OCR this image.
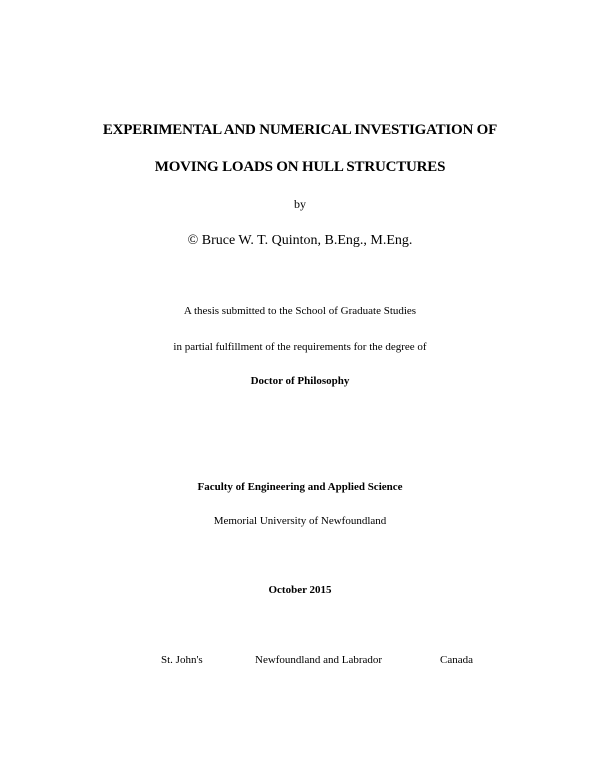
EXPERIMENTAL AND NUMERICAL INVESTIGATION OF
MOVING LOADS ON HULL STRUCTURES
by
© Bruce W. T. Quinton, B.Eng., M.Eng.
A thesis submitted to the School of Graduate Studies
in partial fulfillment of the requirements for the degree of
Doctor of Philosophy
Faculty of Engineering and Applied Science
Memorial University of Newfoundland
October 2015
St. John's	Newfoundland and Labrador	Canada
